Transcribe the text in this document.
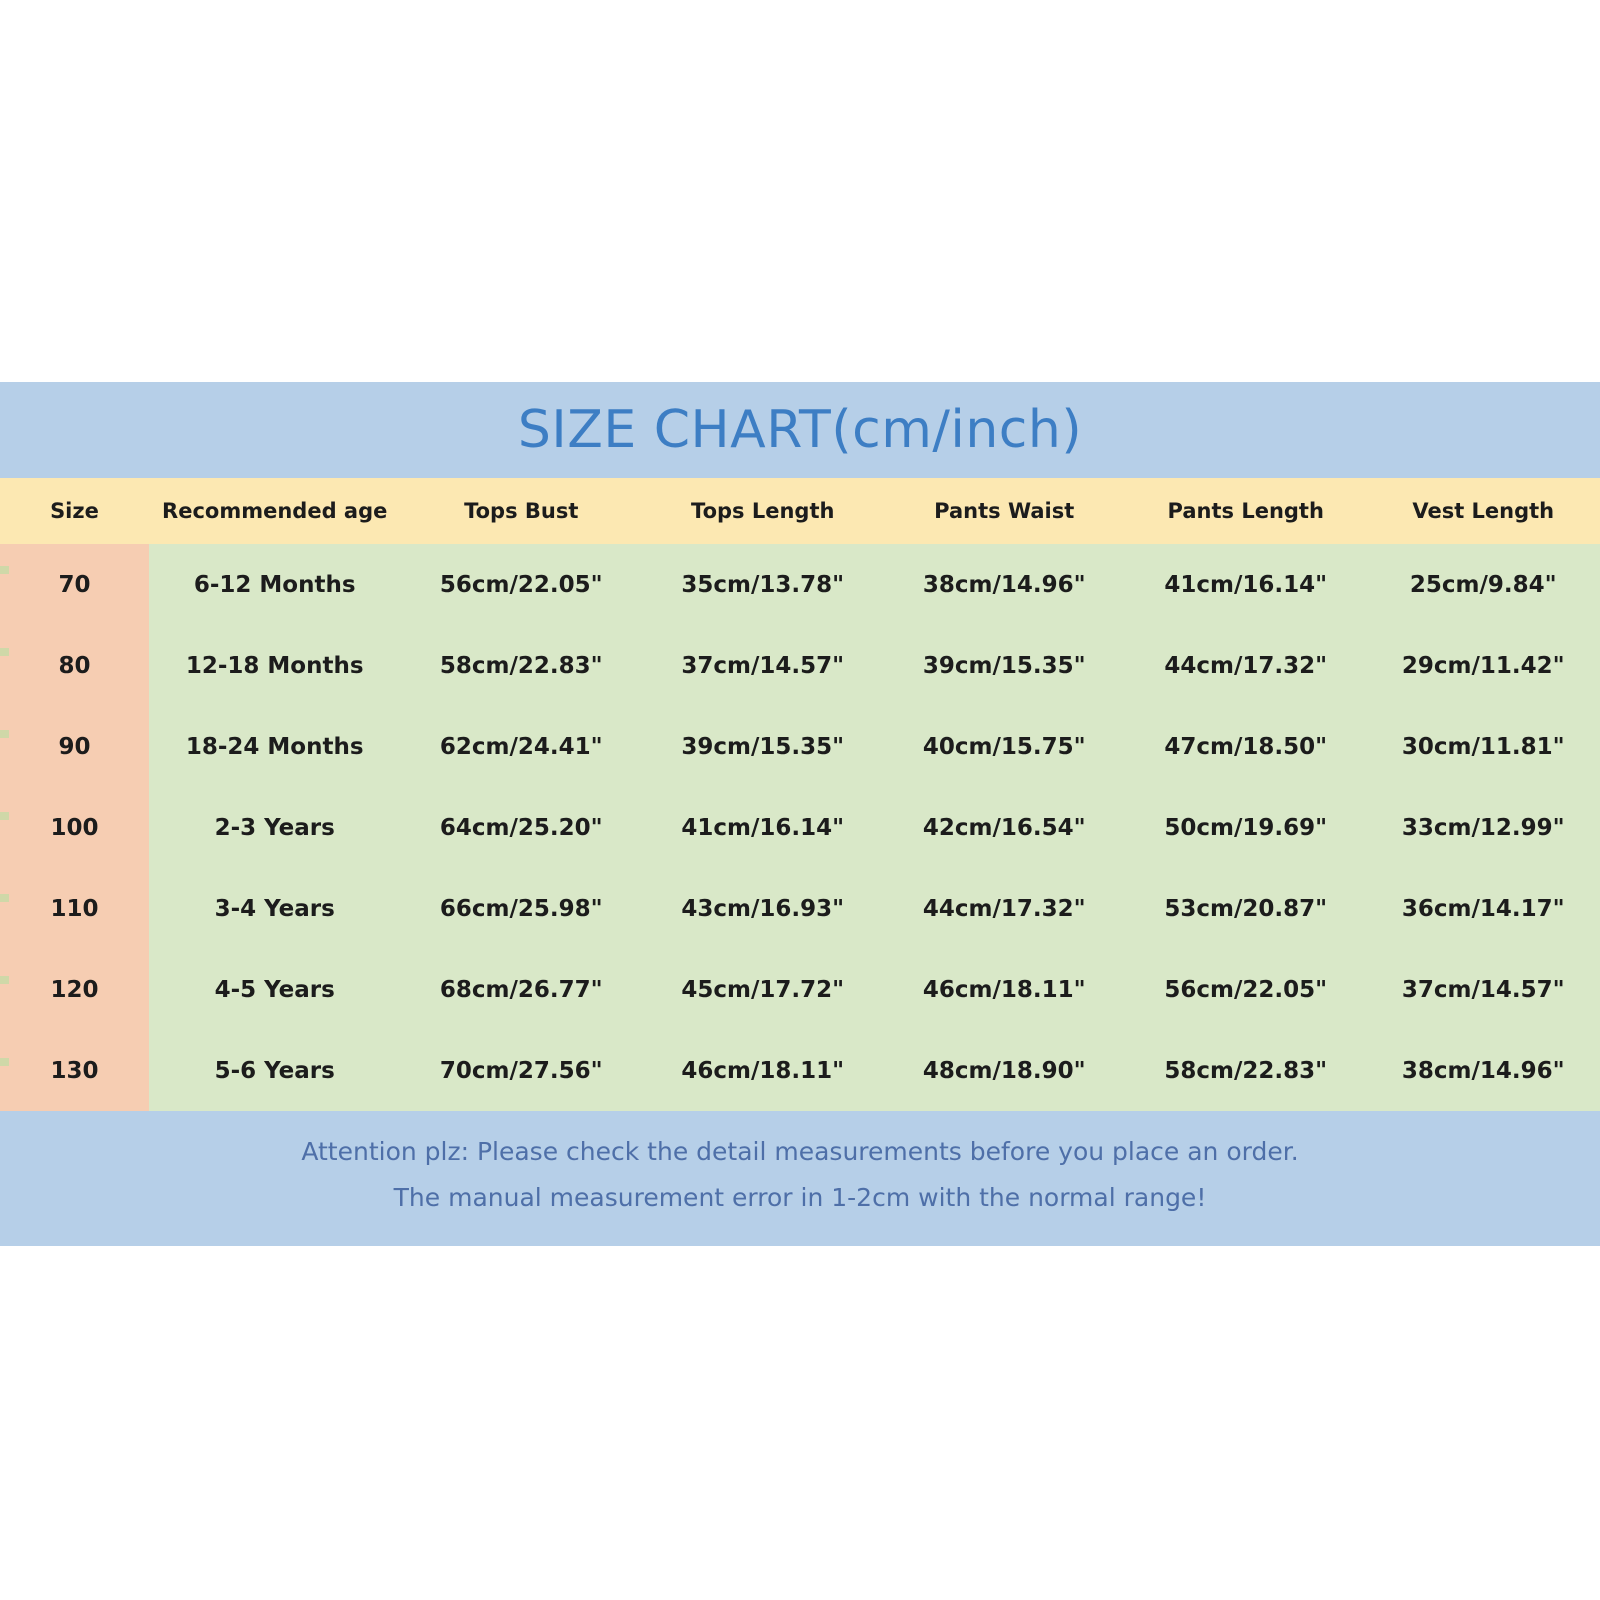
SIZE CHART(cm/inch)
Size	Recommended age	Tops Bust	Tops Length	Pants Waist	Pants Length	Vest Length
70	6-12 Months	56cm/22.05"	35cm/13.78"	38cm/14.96"	41cm/16.14"	25cm/9.84"
80	12-18 Months	58cm/22.83"	37cm/14.57"	39cm/15.35"	44cm/17.32"	29cm/11.42"
90	18-24 Months	62cm/24.41"	39cm/15.35"	40cm/15.75"	47cm/18.50"	30cm/11.81"
100	2-3 Years	64cm/25.20"	41cm/16.14"	42cm/16.54"	50cm/19.69"	33cm/12.99"
110	3-4 Years	66cm/25.98"	43cm/16.93"	44cm/17.32"	53cm/20.87"	36cm/14.17"
120	4-5 Years	68cm/26.77"	45cm/17.72"	46cm/18.11"	56cm/22.05"	37cm/14.57"
130	5-6 Years	70cm/27.56"	46cm/18.11"	48cm/18.90"	58cm/22.83"	38cm/14.96"
Attention plz: Please check the detail measurements before you place an order.
The manual measurement error in 1-2cm with the normal range!
